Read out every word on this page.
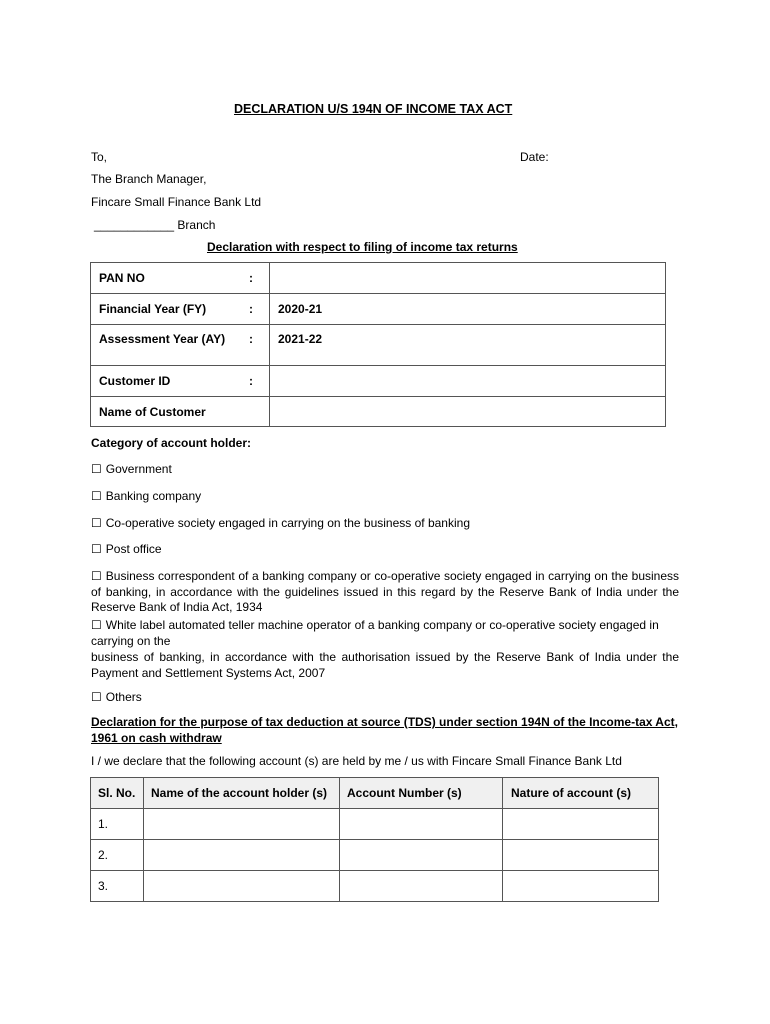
DECLARATION U/S 194N OF INCOME TAX ACT
To,	Date:
The Branch Manager,
Fincare Small Finance Bank Ltd
____________ Branch
Declaration with respect to filing of income tax returns
PAN NO	:	
Financial Year (FY)	:	2020-21
Assessment Year (AY)	:	2021-22
Customer ID	:	
Name of Customer		
Category of account holder:
☐ Government
☐ Banking company
☐ Co-operative society engaged in carrying on the business of banking
☐ Post office
☐ Business correspondent of a banking company or co-operative society engaged in carrying on the business of banking, in accordance with the guidelines issued in this regard by the Reserve Bank of India under the Reserve Bank of India Act, 1934
☐ White label automated teller machine operator of a banking company or co-operative society engaged in carrying on the
business of banking, in accordance with the authorisation issued by the Reserve Bank of India under the Payment and Settlement Systems Act, 2007
☐ Others
Declaration for the purpose of tax deduction at source (TDS) under section 194N of the Income-tax Act, 1961 on cash withdraw
I / we declare that the following account (s) are held by me / us with Fincare Small Finance Bank Ltd
Sl. No.	Name of the account holder (s)	Account Number (s)	Nature of account (s)
1.			
2.			
3.			
